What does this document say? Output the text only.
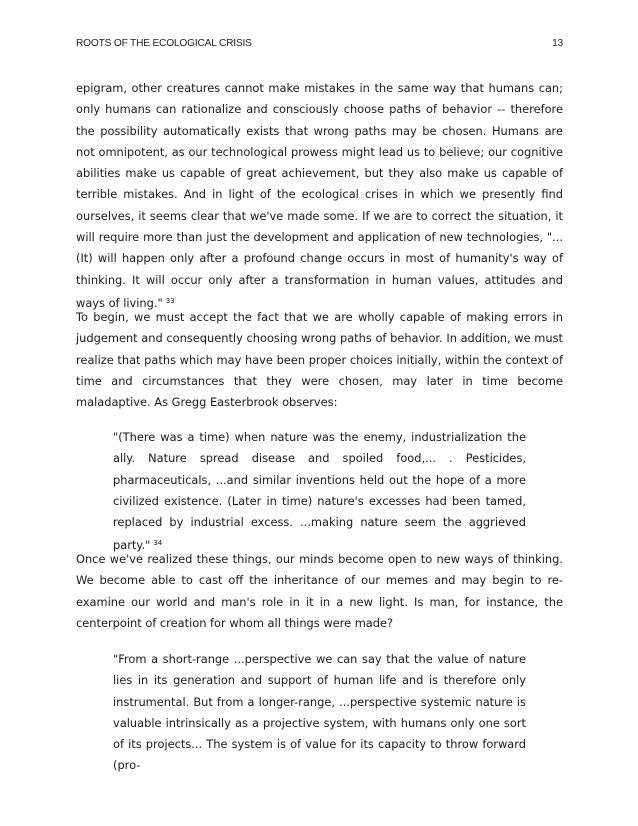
ROOTS OF THE ECOLOGICAL CRISIS	13

epigram, other creatures cannot make mistakes in the same way that humans can; only humans can rationalize and consciously choose paths of behavior -- therefore the possibility automatically exists that wrong paths may be chosen. Humans are not omnipotent, as our technological prowess might lead us to believe; our cognitive abilities make us capable of great achievement, but they also make us capable of terrible mistakes. And in light of the ecological crises in which we presently find ourselves, it seems clear that we've made some. If we are to correct the situation, it will require more than just the development and application of new technologies, "...(It) will happen only after a profound change occurs in most of humanity's way of thinking. It will occur only after a transformation in human values, attitudes and ways of living." $^{33}$

To begin, we must accept the fact that we are wholly capable of making errors in judgement and consequently choosing wrong paths of behavior. In addition, we must realize that paths which may have been proper choices initially, within the context of time and circumstances that they were chosen, may later in time become maladaptive. As Gregg Easterbrook observes:

"(There was a time) when nature was the enemy, industrialization the ally. Nature spread disease and spoiled food,... . Pesticides, pharmaceuticals, ...and similar inventions held out the hope of a more civilized existence. (Later in time) nature's excesses had been tamed, replaced by industrial excess. ...making nature seem the aggrieved party." $^{34}$

Once we've realized these things, our minds become open to new ways of thinking. We become able to cast off the inheritance of our memes and may begin to re-examine our world and man's role in it in a new light. Is man, for instance, the centerpoint of creation for whom all things were made?

"From a short-range ...perspective we can say that the value of nature lies in its generation and support of human life and is therefore only instrumental. But from a longer-range, ...perspective systemic nature is valuable intrinsically as a projective system, with humans only one sort of its projects... The system is of value for its capacity to throw forward (pro-
